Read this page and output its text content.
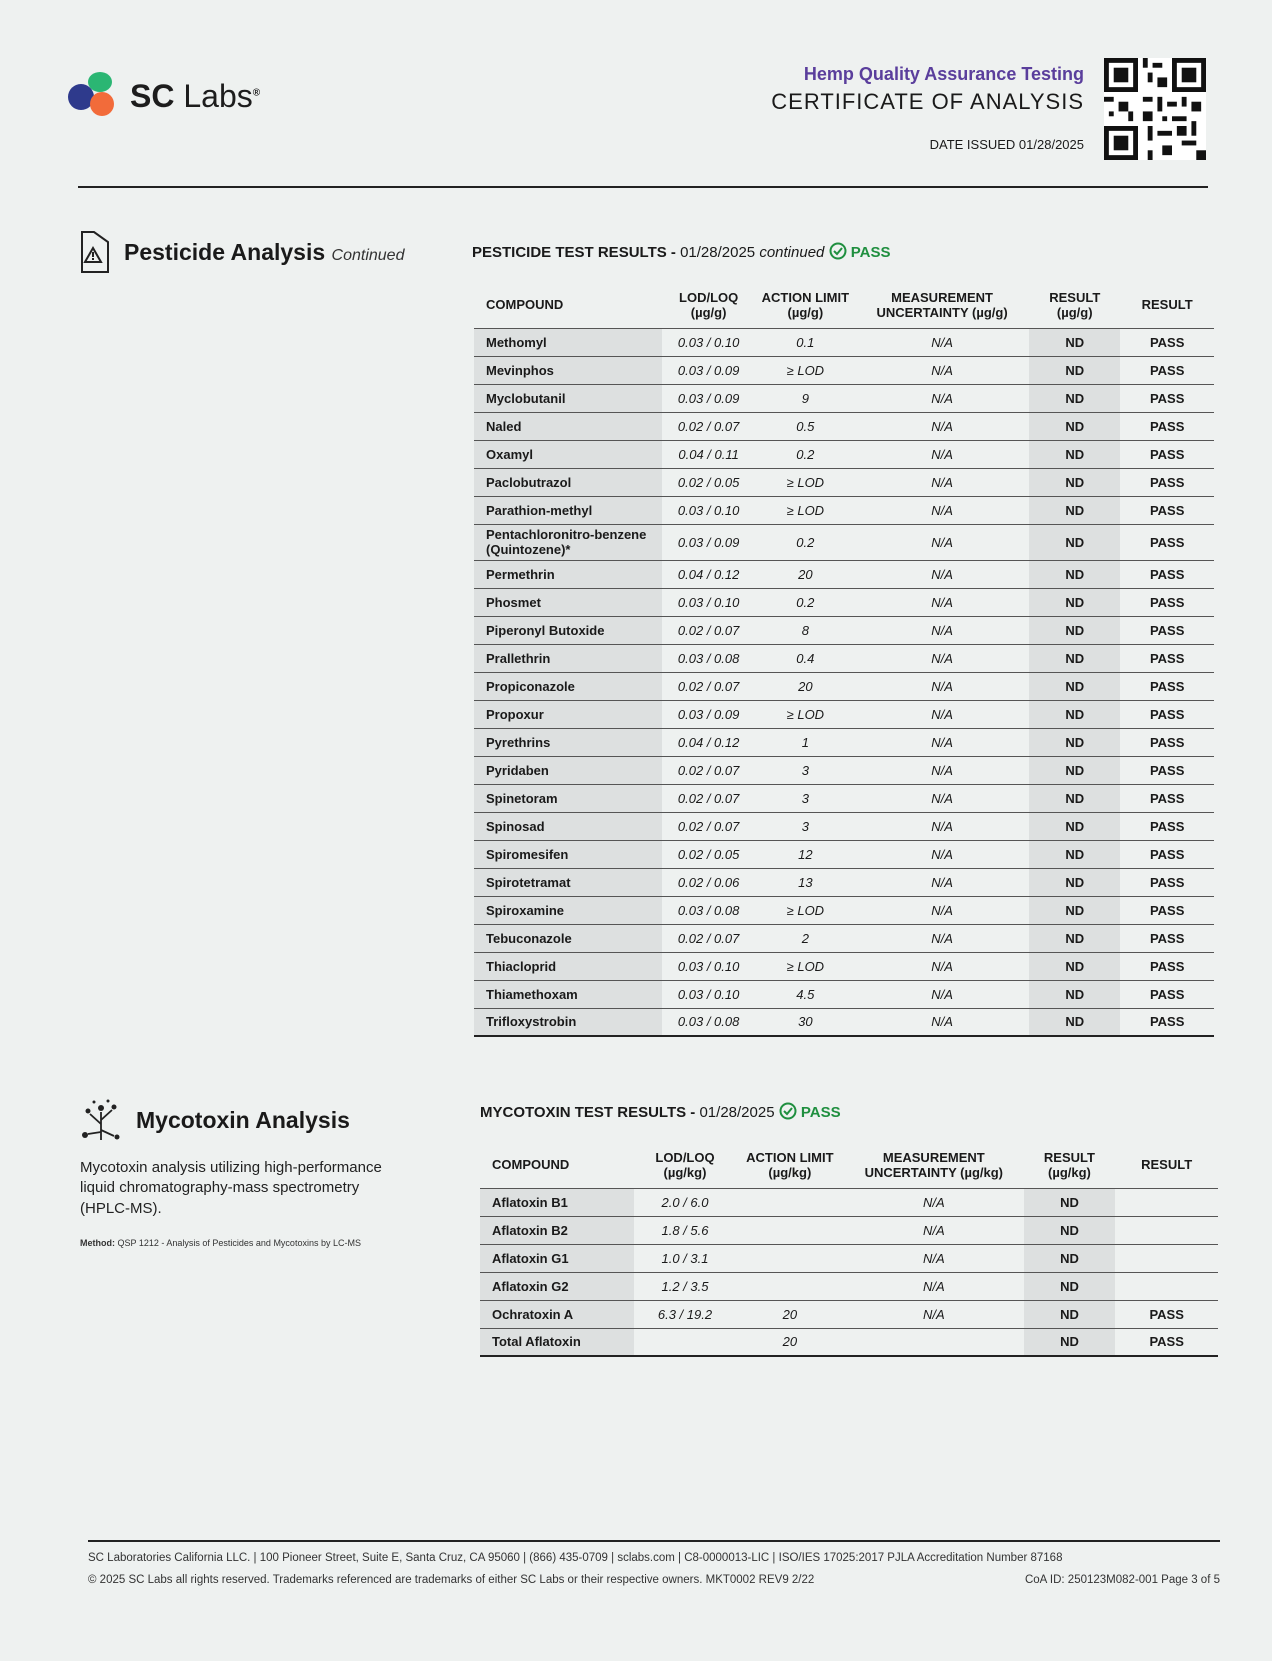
SC Labs®
Hemp Quality Assurance Testing
CERTIFICATE OF ANALYSIS
DATE ISSUED 01/28/2025
Pesticide Analysis Continued	PESTICIDE TEST RESULTS - 01/28/2025 continued PASS
COMPOUND	LOD/LOQ (µg/g)	ACTION LIMIT (µg/g)	MEASUREMENT UNCERTAINTY (µg/g)	RESULT (µg/g)	RESULT
Methomyl	0.03 / 0.10	0.1	N/A	ND	PASS
Mevinphos	0.03 / 0.09	≥ LOD	N/A	ND	PASS
Myclobutanil	0.03 / 0.09	9	N/A	ND	PASS
Naled	0.02 / 0.07	0.5	N/A	ND	PASS
Oxamyl	0.04 / 0.11	0.2	N/A	ND	PASS
Paclobutrazol	0.02 / 0.05	≥ LOD	N/A	ND	PASS
Parathion-methyl	0.03 / 0.10	≥ LOD	N/A	ND	PASS
Pentachloronitro-benzene (Quintozene)*	0.03 / 0.09	0.2	N/A	ND	PASS
Permethrin	0.04 / 0.12	20	N/A	ND	PASS
Phosmet	0.03 / 0.10	0.2	N/A	ND	PASS
Piperonyl Butoxide	0.02 / 0.07	8	N/A	ND	PASS
Prallethrin	0.03 / 0.08	0.4	N/A	ND	PASS
Propiconazole	0.02 / 0.07	20	N/A	ND	PASS
Propoxur	0.03 / 0.09	≥ LOD	N/A	ND	PASS
Pyrethrins	0.04 / 0.12	1	N/A	ND	PASS
Pyridaben	0.02 / 0.07	3	N/A	ND	PASS
Spinetoram	0.02 / 0.07	3	N/A	ND	PASS
Spinosad	0.02 / 0.07	3	N/A	ND	PASS
Spiromesifen	0.02 / 0.05	12	N/A	ND	PASS
Spirotetramat	0.02 / 0.06	13	N/A	ND	PASS
Spiroxamine	0.03 / 0.08	≥ LOD	N/A	ND	PASS
Tebuconazole	0.02 / 0.07	2	N/A	ND	PASS
Thiacloprid	0.03 / 0.10	≥ LOD	N/A	ND	PASS
Thiamethoxam	0.03 / 0.10	4.5	N/A	ND	PASS
Trifloxystrobin	0.03 / 0.08	30	N/A	ND	PASS
Mycotoxin Analysis
Mycotoxin analysis utilizing high-performance liquid chromatography-mass spectrometry (HPLC-MS).
Method: QSP 1212 - Analysis of Pesticides and Mycotoxins by LC-MS
MYCOTOXIN TEST RESULTS - 01/28/2025 PASS
COMPOUND	LOD/LOQ (µg/kg)	ACTION LIMIT (µg/kg)	MEASUREMENT UNCERTAINTY (µg/kg)	RESULT (µg/kg)	RESULT
Aflatoxin B1	2.0 / 6.0		N/A	ND	
Aflatoxin B2	1.8 / 5.6		N/A	ND	
Aflatoxin G1	1.0 / 3.1		N/A	ND	
Aflatoxin G2	1.2 / 3.5		N/A	ND	
Ochratoxin A	6.3 / 19.2	20	N/A	ND	PASS
Total Aflatoxin		20		ND	PASS
SC Laboratories California LLC. | 100 Pioneer Street, Suite E, Santa Cruz, CA 95060 | (866) 435-0709 | sclabs.com | C8-0000013-LIC | ISO/IES 17025:2017 PJLA Accreditation Number 87168
© 2025 SC Labs all rights reserved. Trademarks referenced are trademarks of either SC Labs or their respective owners. MKT0002 REV9 2/22	CoA ID: 250123M082-001 Page 3 of 5
